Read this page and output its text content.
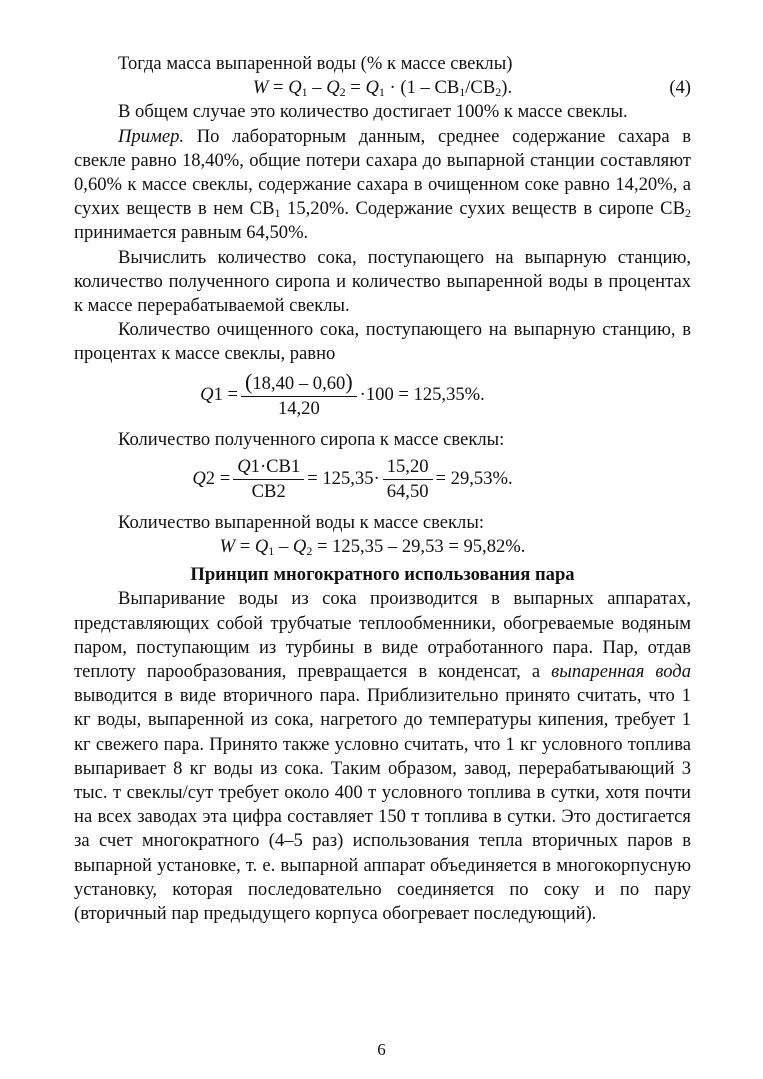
Тогда масса выпаренной воды (% к массе свеклы)

$W = Q_1 - Q_2 = Q_1 \cdot (1 - СВ_1/СВ_2)$.	(4)

В общем случае это количество достигает 100% к массе свеклы.

Пример. По лабораторным данным, среднее содержание сахара в свекле равно 18,40%, общие потери сахара до выпарной станции составляют 0,60% к массе свеклы, содержание сахара в очищенном соке равно 14,20%, а сухих веществ в нем $СВ_1$ 15,20%. Содержание сухих веществ в сиропе $СВ_2$ принимается равным 64,50%.

Вычислить количество сока, поступающего на выпарную станцию, количество полученного сиропа и количество выпаренной воды в процентах к массе перерабатываемой свеклы.

Количество очищенного сока, поступающего на выпарную станцию, в процентах к массе свеклы, равно

$Q1 = \frac{(18,40 - 0,60)}{14,20} \cdot 100 = 125,35\%$.

Количество полученного сиропа к массе свеклы:

$Q2 = \frac{Q1\cdot СВ1}{СВ2} = 125,35\cdot \frac{15,20}{64,50} = 29,53\%$.

Количество выпаренной воды к массе свеклы:

$W = Q_1 - Q_2 = 125,35 - 29,53 = 95,82\%$.

Принцип многократного использования пара

Выпаривание воды из сока производится в выпарных аппаратах, представляющих собой трубчатые теплообменники, обогреваемые водяным паром, поступающим из турбины в виде отработанного пара. Пар, отдав теплоту парообразования, превращается в конденсат, а выпаренная вода выводится в виде вторичного пара. Приблизительно принято считать, что 1 кг воды, выпаренной из сока, нагретого до температуры кипения, требует 1 кг свежего пара. Принято также условно считать, что 1 кг условного топлива выпаривает 8 кг воды из сока. Таким образом, завод, перерабатывающий 3 тыс. т свеклы/сут требует около 400 т условного топлива в сутки, хотя почти на всех заводах эта цифра составляет 150 т топлива в сутки. Это достигается за счет многократного (4–5 раз) использования тепла вторичных паров в выпарной установке, т. е. выпарной аппарат объединяется в многокорпусную установку, которая последовательно соединяется по соку и по пару (вторичный пар предыдущего корпуса обогревает последующий).

6
